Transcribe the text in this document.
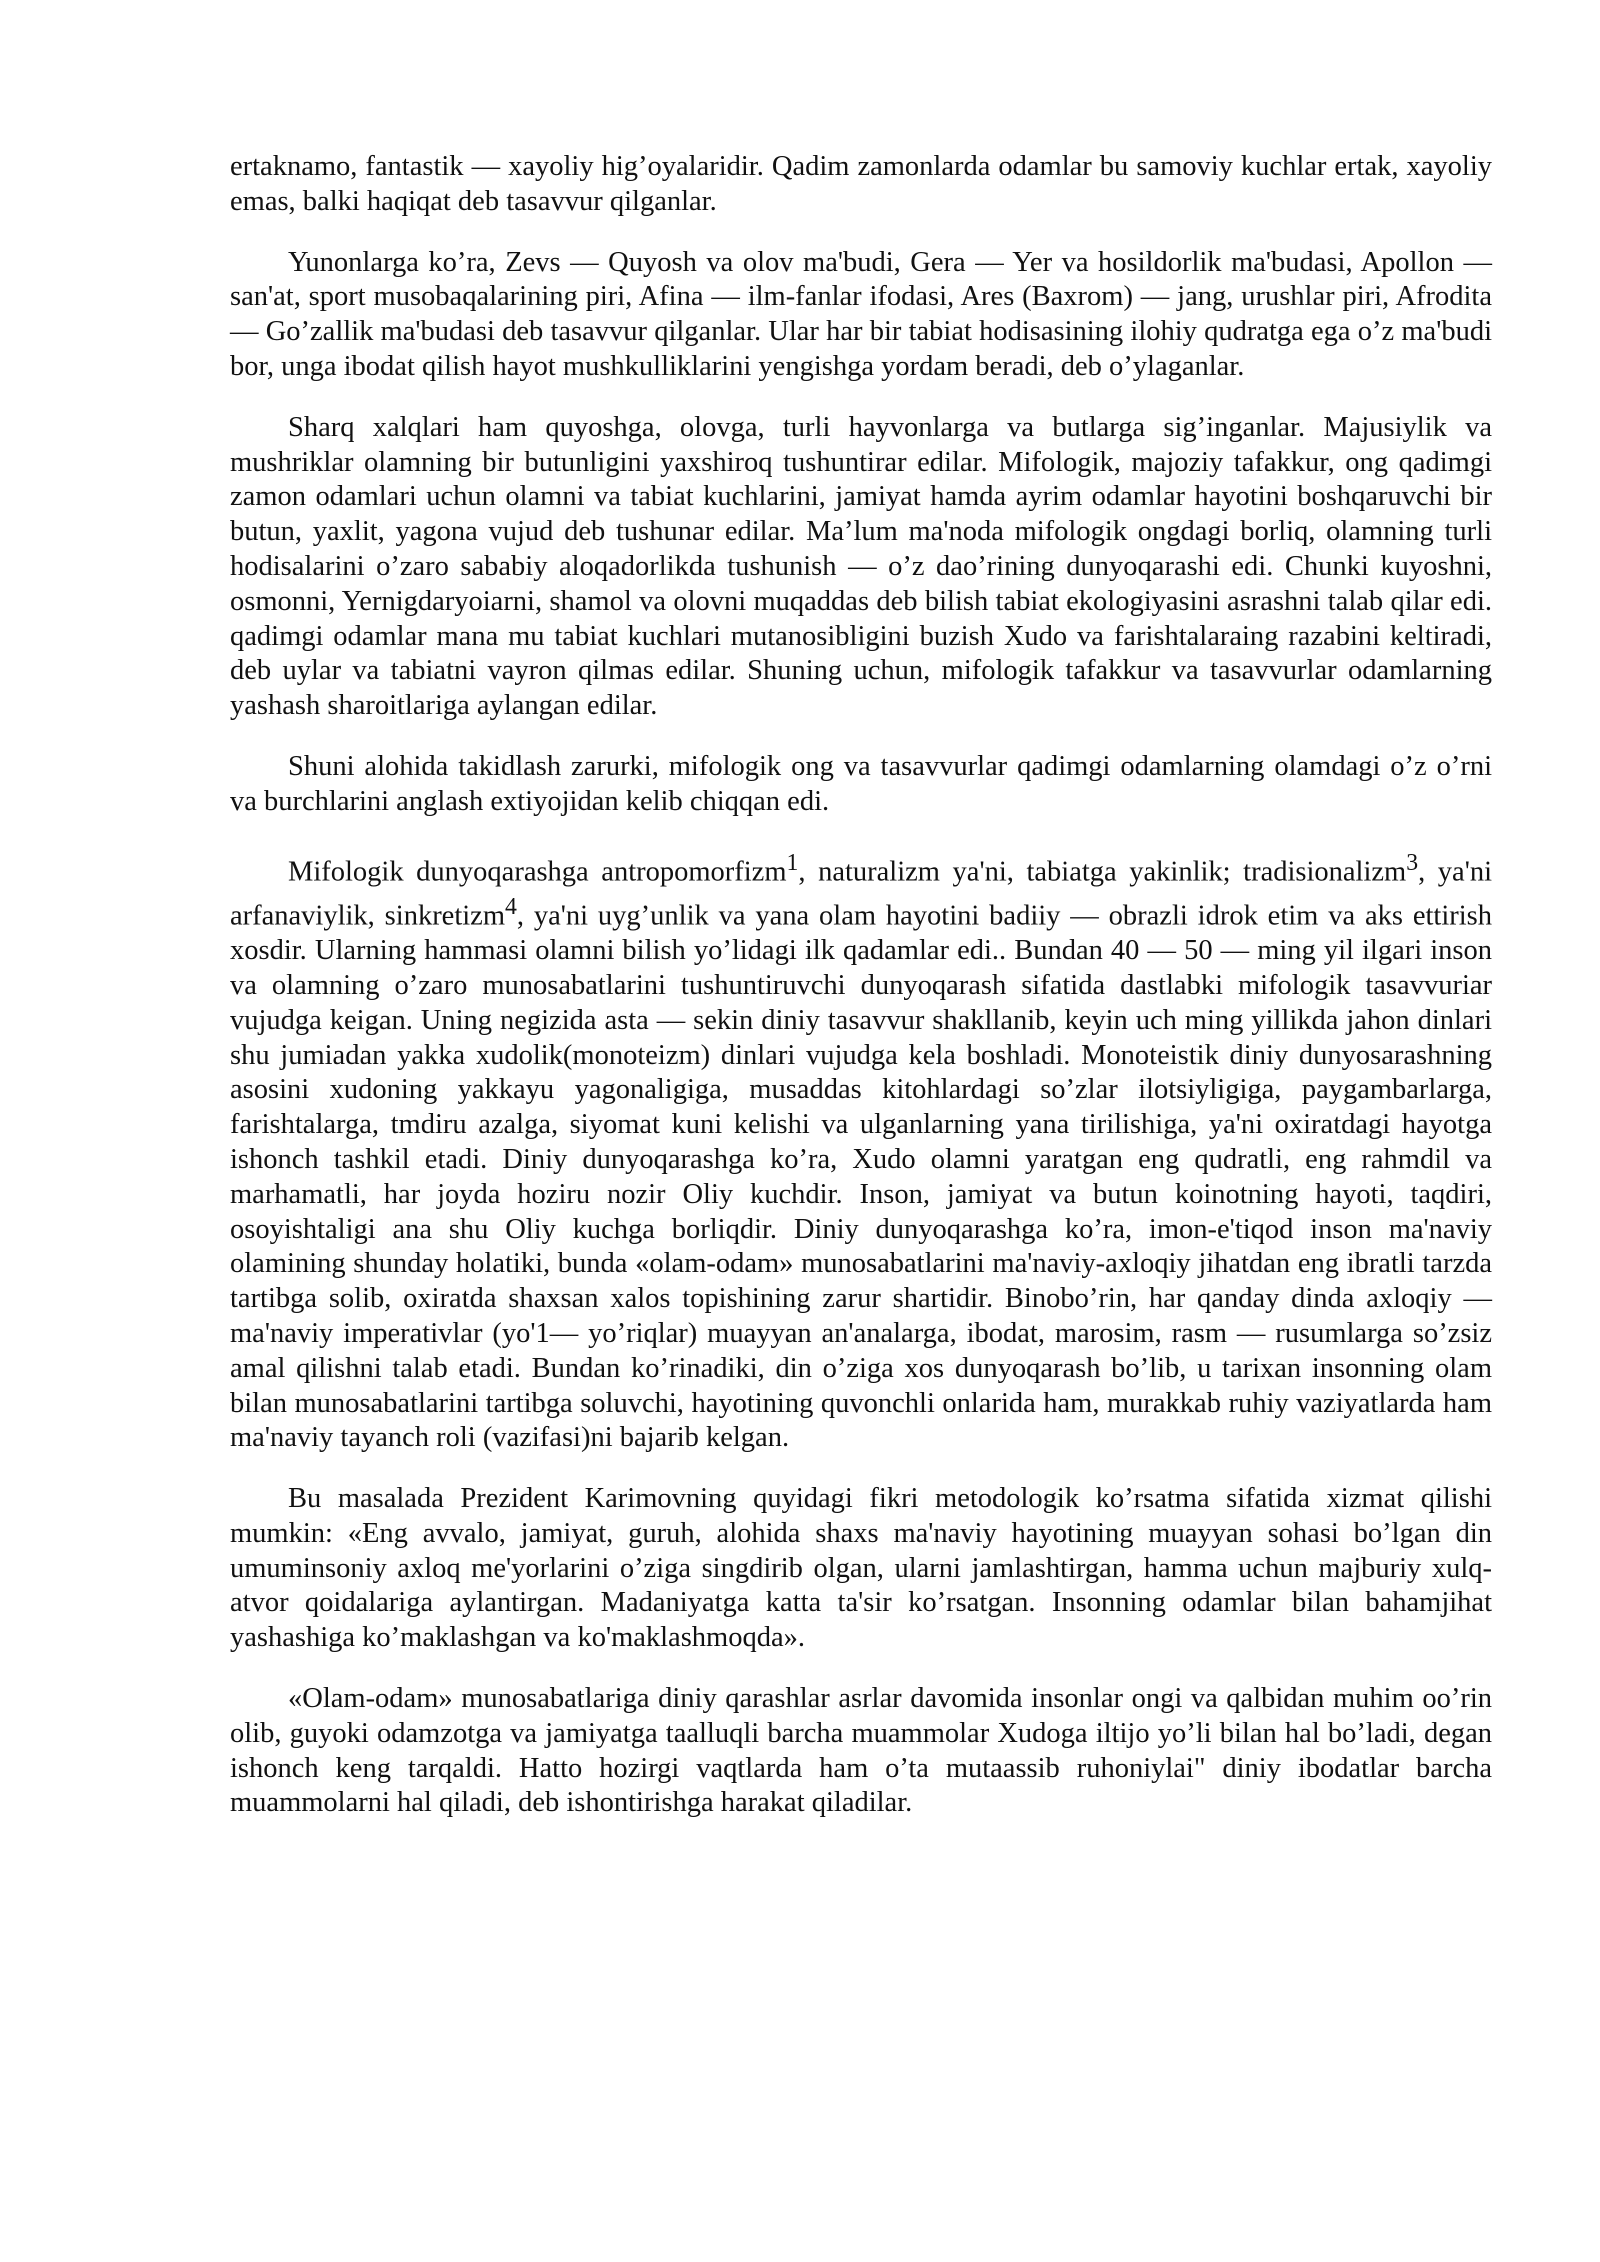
ertaknamo, fantastik — xayoliy hig’oyalaridir. Qadim zamonlarda odamlar bu samoviy kuchlar ertak, xayoliy emas, balki haqiqat deb tasavvur qilganlar.

Yunonlarga ko’ra, Zevs — Quyosh va olov ma'budi, Gera — Yer va hosildorlik ma'budasi, Apollon — san'at, sport musobaqalarining piri, Afina — ilm-fanlar ifodasi, Ares (Baxrom) — jang, urushlar piri, Afrodita — Go’zallik ma'budasi deb tasavvur qilganlar. Ular har bir tabiat hodisasining ilohiy qudratga ega o’z ma'budi bor, unga ibodat qilish hayot mushkulliklarini yengishga yordam beradi, deb o’ylaganlar.

Sharq xalqlari ham quyoshga, olovga, turli hayvonlarga va butlarga sig’inganlar. Majusiylik va mushriklar olamning bir butunligini yaxshiroq tushuntirar edilar. Mifologik, majoziy tafakkur, ong qadimgi zamon odamlari uchun olamni va tabiat kuchlarini, jamiyat hamda ayrim odamlar hayotini boshqaruvchi bir butun, yaxlit, yagona vujud deb tushunar edilar. Ma’lum ma'noda mifologik ongdagi borliq, olamning turli hodisalarini o’zaro sababiy aloqadorlikda tushunish — o’z dao’rining dunyoqarashi edi. Chunki kuyoshni, osmonni, Yernigdaryoiarni, shamol va olovni muqaddas deb bilish tabiat ekologiyasini asrashni talab qilar edi. qadimgi odamlar mana mu tabiat kuchlari mutanosibligini buzish Xudo va farishtalaraing razabini keltiradi, deb uylar va tabiatni vayron qilmas edilar. Shuning uchun, mifologik tafakkur va tasavvurlar odamlarning yashash sharoitlariga aylangan edilar.

Shuni alohida takidlash zarurki, mifologik ong va tasavvurlar qadimgi odamlarning olamdagi o’z o’rni va burchlarini anglash extiyojidan kelib chiqqan edi.

Mifologik dunyoqarashga antropomorfizm$^1$, naturalizm ya'ni, tabiatga yakinlik; tradisionalizm$^3$, ya'ni arfanaviylik, sinkretizm$^4$, ya'ni uyg’unlik va yana olam hayotini badiiy — obrazli idrok etim va aks ettirish xosdir. Ularning hammasi olamni bilish yo’lidagi ilk qadamlar edi.. Bundan 40 — 50 — ming yil ilgari inson va olamning o’zaro munosabatlarini tushuntiruvchi dunyoqarash sifatida dastlabki mifologik tasavvuriar vujudga keigan. Uning negizida asta — sekin diniy tasavvur shakllanib, keyin uch ming yillikda jahon dinlari shu jumiadan yakka xudolik(monoteizm) dinlari vujudga kela boshladi. Monoteistik diniy dunyosarashning asosini xudoning yakkayu yagonaligiga, musaddas kitohlardagi so’zlar ilotsiyligiga, paygambarlarga, farishtalarga, tmdiru azalga, siyomat kuni kelishi va ulganlarning yana tirilishiga, ya'ni oxiratdagi hayotga ishonch tashkil etadi. Diniy dunyoqarashga ko’ra, Xudo olamni yaratgan eng qudratli, eng rahmdil va marhamatli, har joyda hoziru nozir Oliy kuchdir. Inson, jamiyat va butun koinotning hayoti, taqdiri, osoyishtaligi ana shu Oliy kuchga borliqdir. Diniy dunyoqarashga ko’ra, imon-e'tiqod inson ma'naviy olamining shunday holatiki, bunda «olam-odam» munosabatlarini ma'naviy-axloqiy jihatdan eng ibratli tarzda tartibga solib, oxiratda shaxsan xalos topishining zarur shartidir. Binobo’rin, har qanday dinda axloqiy — ma'naviy imperativlar (yo'1— yo’riqlar) muayyan an'analarga, ibodat, marosim, rasm — rusumlarga so’zsiz amal qilishni talab etadi. Bundan ko’rinadiki, din o’ziga xos dunyoqarash bo’lib, u tarixan insonning olam bilan munosabatlarini tartibga soluvchi, hayotining quvonchli onlarida ham, murakkab ruhiy vaziyatlarda ham ma'naviy tayanch roli (vazifasi)ni bajarib kelgan.

Bu masalada Prezident Karimovning quyidagi fikri metodologik ko’rsatma sifatida xizmat qilishi mumkin: «Eng avvalo, jamiyat, guruh, alohida shaxs ma'naviy hayotining muayyan sohasi bo’lgan din umuminsoniy axloq me'yorlarini o’ziga singdirib olgan, ularni jamlashtirgan, hamma uchun majburiy xulq-atvor qoidalariga aylantirgan. Madaniyatga katta ta'sir ko’rsatgan. Insonning odamlar bilan bahamjihat yashashiga ko’maklashgan va ko'maklashmoqda».

«Olam-odam» munosabatlariga diniy qarashlar asrlar davomida insonlar ongi va qalbidan muhim oo’rin olib, guyoki odamzotga va jamiyatga taalluqli barcha muammolar Xudoga iltijo yo’li bilan hal bo’ladi, degan ishonch keng tarqaldi. Hatto hozirgi vaqtlarda ham o’ta mutaassib ruhoniylai" diniy ibodatlar barcha muammolarni hal qiladi, deb ishontirishga harakat qiladilar.
